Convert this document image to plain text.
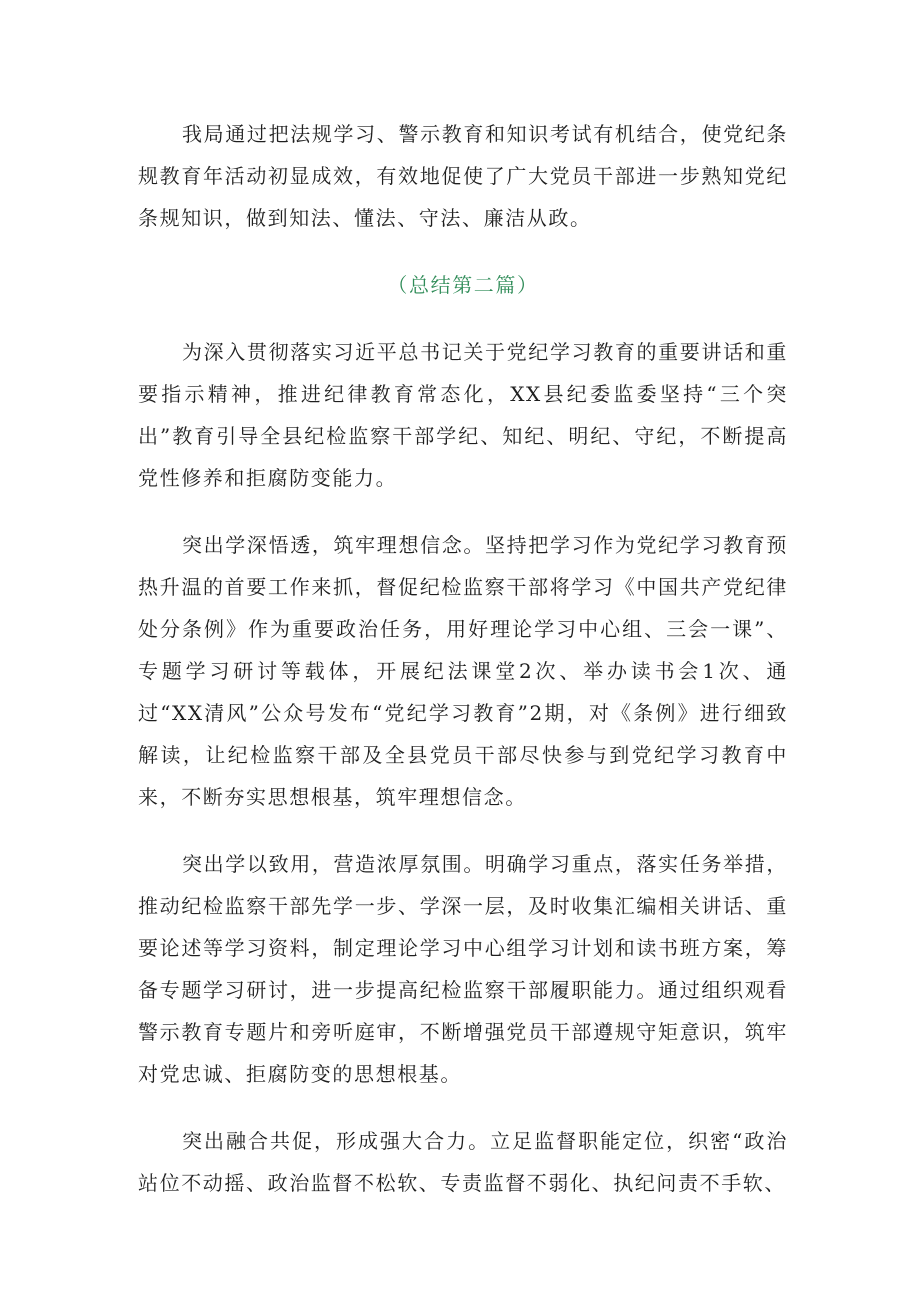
我局通过把法规学习、警示教育和知识考试有机结合，使党纪条规教育年活动初显成效，有效地促使了广大党员干部进一步熟知党纪条规知识，做到知法、懂法、守法、廉洁从政。

（总结第二篇）

为深入贯彻落实习近平总书记关于党纪学习教育的重要讲话和重要指示精神，推进纪律教育常态化，XX县纪委监委坚持“三个突出”教育引导全县纪检监察干部学纪、知纪、明纪、守纪，不断提高党性修养和拒腐防变能力。

突出学深悟透，筑牢理想信念。坚持把学习作为党纪学习教育预热升温的首要工作来抓，督促纪检监察干部将学习《中国共产党纪律处分条例》作为重要政治任务，用好理论学习中心组、三会一课”、专题学习研讨等载体，开展纪法课堂2次、举办读书会1次、通过“XX清风”公众号发布“党纪学习教育”2期，对《条例》进行细致解读，让纪检监察干部及全县党员干部尽快参与到党纪学习教育中来，不断夯实思想根基，筑牢理想信念。

突出学以致用，营造浓厚氛围。明确学习重点，落实任务举措，推动纪检监察干部先学一步、学深一层，及时收集汇编相关讲话、重要论述等学习资料，制定理论学习中心组学习计划和读书班方案，筹备专题学习研讨，进一步提高纪检监察干部履职能力。通过组织观看警示教育专题片和旁听庭审，不断增强党员干部遵规守矩意识，筑牢对党忠诚、拒腐防变的思想根基。

突出融合共促，形成强大合力。立足监督职能定位，织密“政治站位不动摇、政治监督不松软、专责监督不弱化、执纪问责不手软、
